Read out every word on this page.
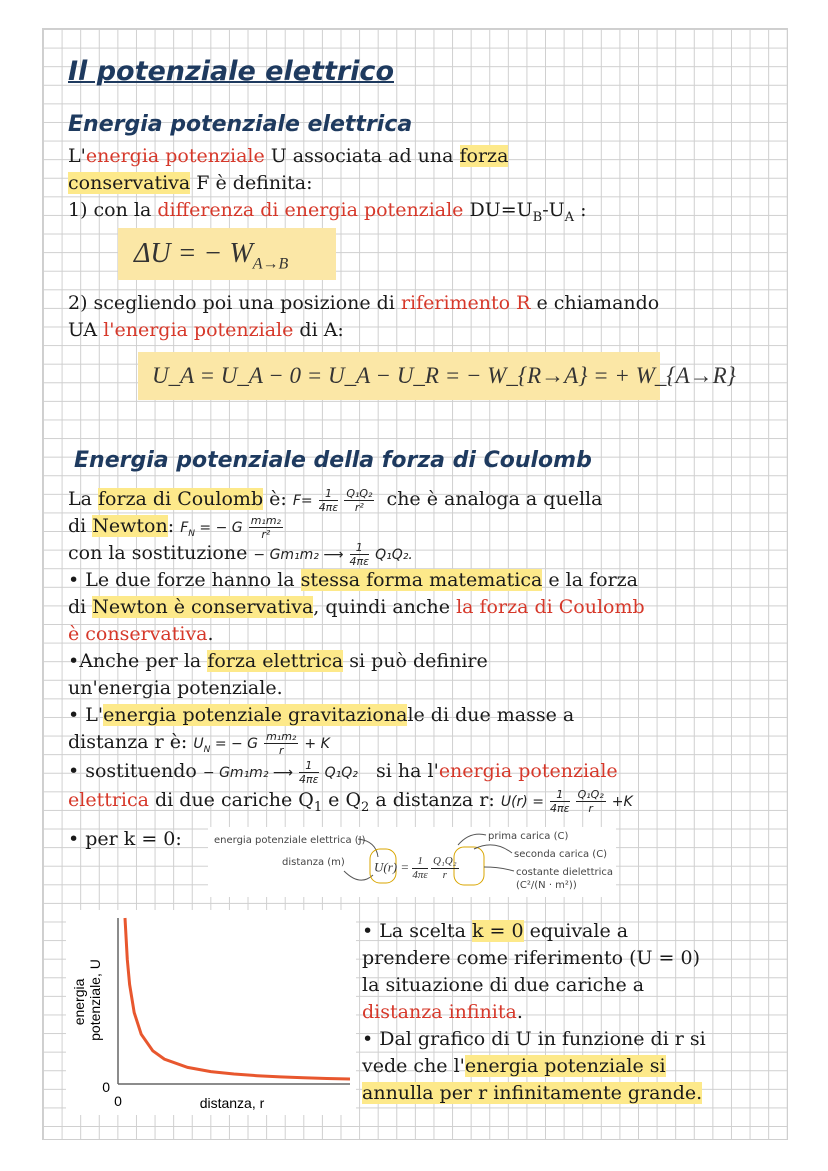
Il potenziale elettrico
Energia potenziale elettrica
L'energia potenziale U associata ad una forza
conservativa F è definita:
1) con la differenza di energia potenziale $DU=U_B-U_A$ :
ΔU = − $W_{A\to B}$
2) scegliendo poi una posizione di riferimento R e chiamando
UA l'energia potenziale di A:
U_A = U_A − 0 = U_A − U_R = − W_{R→A} = + W_{A→R}
Energia potenziale della forza di Coulomb
La forza di Coulomb è: $F= \frac{1}{4\pi\varepsilon}$
$\frac{\text{Q₁Q₂}}{\text{r²}}$ che è analoga a quella
di Newton: $F_N$ = − G $\frac{\text{m₁m₂}}{\text{r²}}$
con la sostituzione − Gm₁m₂ ⟶ $\frac{1}{4\pi\varepsilon} Q_1Q_2$.
• Le due forze hanno la stessa forma matematica e la forza
di Newton è conservativa, quindi anche la forza di Coulomb
è conservativa.
•Anche per la forza elettrica si può definire
un'energia potenziale.
• L'energia potenziale gravitazionale di due masse a
distanza r è: $U_N$ = − G $\frac{\text{m₁m₂}}{r} + K$
• sostituendo − Gm₁m₂ ⟶ $\frac{1}{4\pi\varepsilon} Q_1Q_2$ si ha l'energia potenziale
elettrica di due cariche $Q_1$ e $Q_2$ a distanza r: $U(r) = \frac{1}{4\pi\varepsilon}$
$\frac{\text{Q₁Q₂}}{r} +K$
• per k = 0:	energia potenziale elettrica (J)
distanza (m) $U(r) = \frac{1}{4\pi\varepsilon}$
$\frac{\text{Q₁Q₂}}{r}$
prima carica (C)
seconda carica (C)
costante dielettrica
(C²/(N · m²))
0
0	distanza, r
energia potenziale, U
• La scelta k = 0 equivale a
prendere come riferimento (U = 0)
la situazione di due cariche a
distanza infinita.
• Dal grafico di U in funzione di r si
vede che l'energia potenziale si
annulla per r infinitamente grande.
